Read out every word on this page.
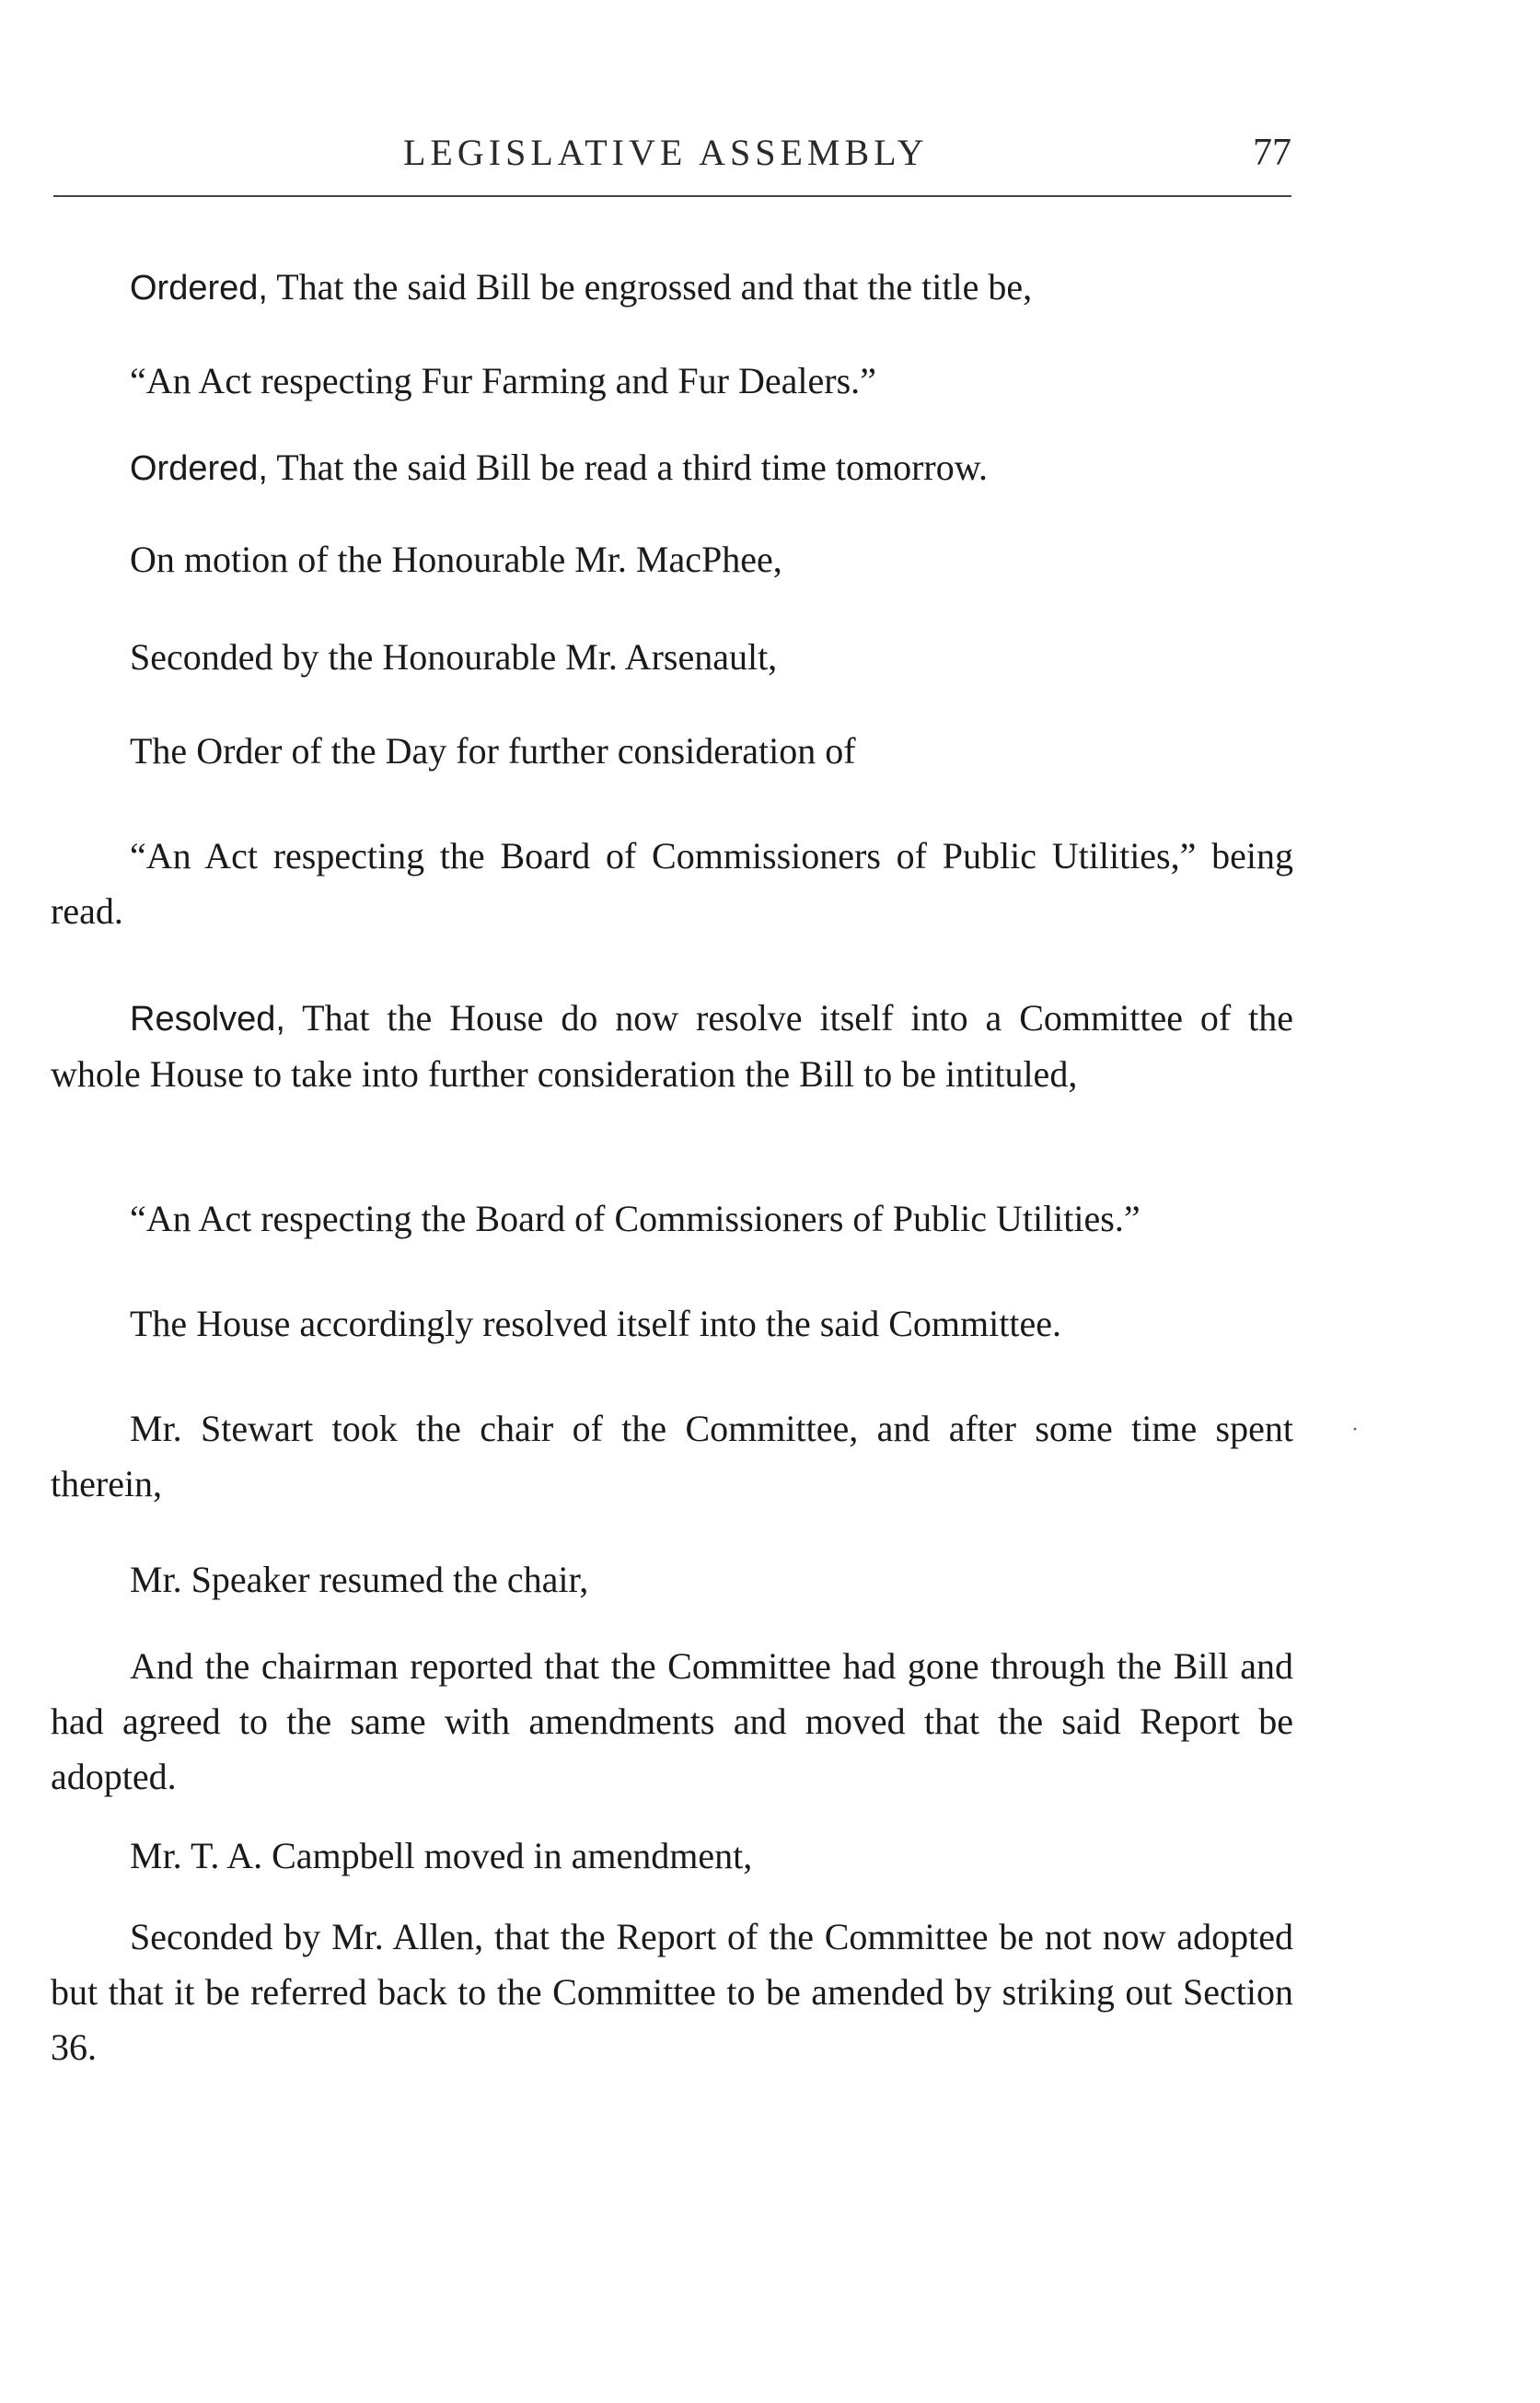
LEGISLATIVE ASSEMBLY	77

Ordered, That the said Bill be engrossed and that the title be,

“An Act respecting Fur Farming and Fur Dealers.”

Ordered, That the said Bill be read a third time tomorrow.

On motion of the Honourable Mr. MacPhee,

Seconded by the Honourable Mr. Arsenault,

The Order of the Day for further consideration of

“An Act respecting the Board of Commissioners of Public Utilities,” being read.

Resolved, That the House do now resolve itself into a Committee of the whole House to take into further consideration the Bill to be intituled,

“An Act respecting the Board of Commissioners of Public Utilities.”

The House accordingly resolved itself into the said Committee.

Mr. Stewart took the chair of the Committee, and after some time spent therein,

Mr. Speaker resumed the chair,

And the chairman reported that the Committee had gone through the Bill and had agreed to the same with amendments and moved that the said Report be adopted.

Mr. T. A. Campbell moved in amendment,

Seconded by Mr. Allen, that the Report of the Committee be not now adopted but that it be referred back to the Committee to be amended by striking out Section 36.

·
